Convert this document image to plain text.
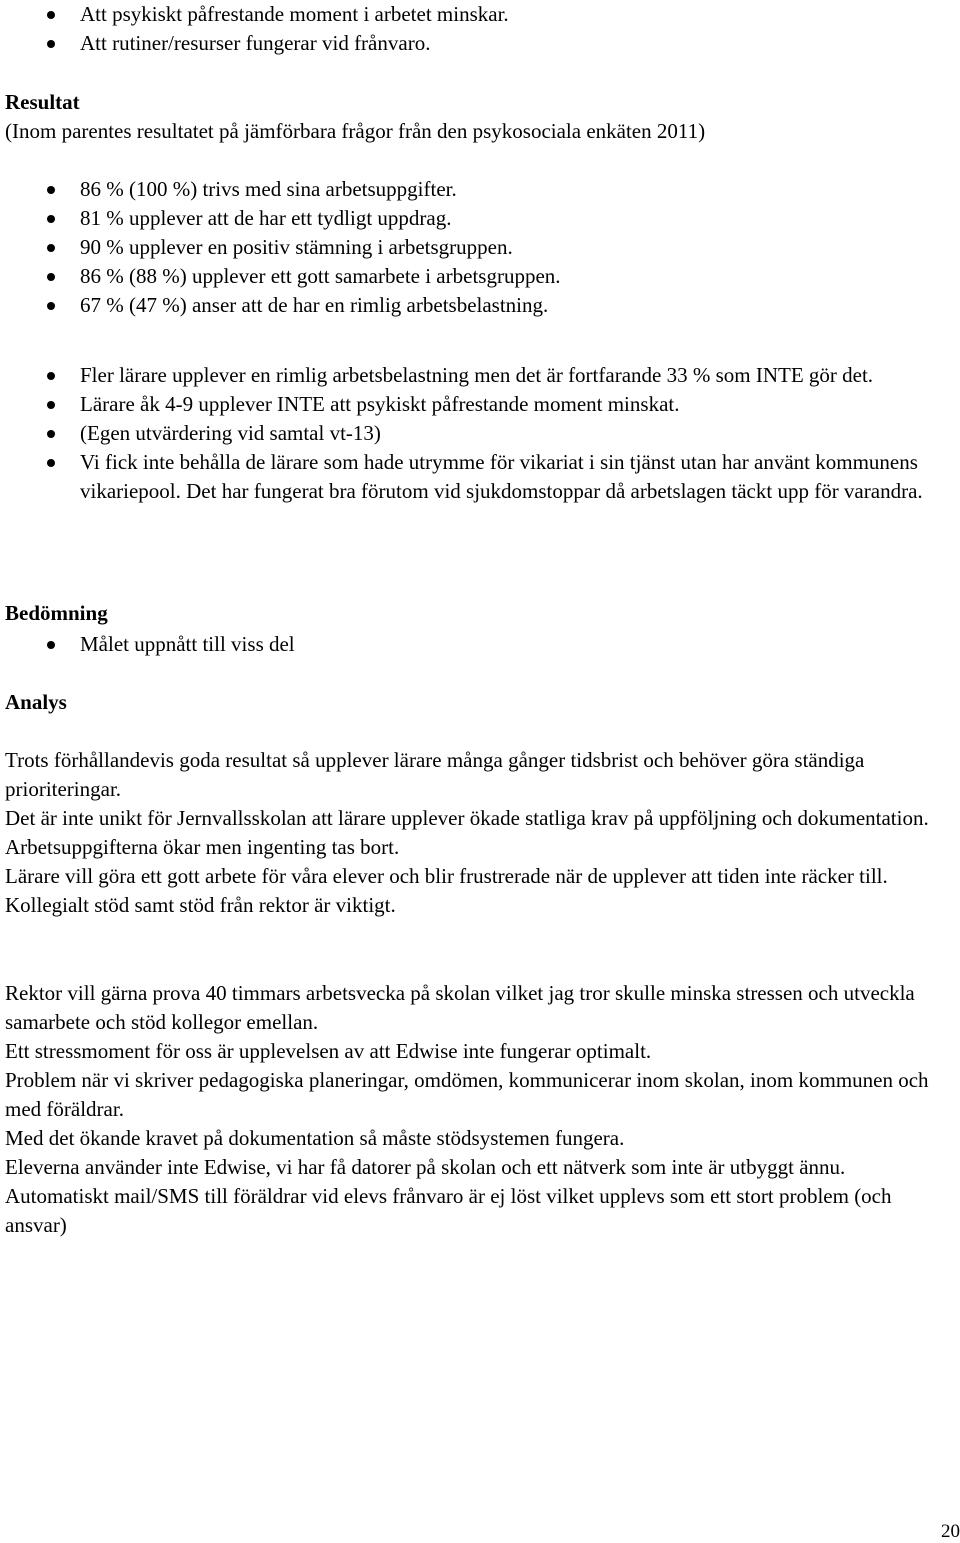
Att psykiskt påfrestande moment i arbetet minskar.
Att rutiner/resurser fungerar vid frånvaro.
Resultat
(Inom parentes resultatet på jämförbara frågor från den psykosociala enkäten 2011)
86 % (100 %) trivs med sina arbetsuppgifter.
81 % upplever att de har ett tydligt uppdrag.
90 % upplever en positiv stämning i arbetsgruppen.
86 % (88 %) upplever ett gott samarbete i arbetsgruppen.
67 % (47 %) anser att de har en rimlig arbetsbelastning.
Fler lärare upplever en rimlig arbetsbelastning men det är fortfarande 33 % som INTE gör det.
Lärare åk 4-9 upplever INTE att psykiskt påfrestande moment minskat.
(Egen utvärdering vid samtal vt-13)
Vi fick inte behålla de lärare som hade utrymme för vikariat i sin tjänst utan har använt kommunens vikariepool. Det har fungerat bra förutom vid sjukdomstoppar då arbetslagen täckt upp för varandra.
Bedömning
Målet uppnått till viss del
Analys

Trots förhållandevis goda resultat så upplever lärare många gånger tidsbrist och behöver göra ständiga prioriteringar.

Det är inte unikt för Jernvallsskolan att lärare upplever ökade statliga krav på uppföljning och dokumentation. Arbetsuppgifterna ökar men ingenting tas bort.

Lärare vill göra ett gott arbete för våra elever och blir frustrerade när de upplever att tiden inte räcker till.

Kollegialt stöd samt stöd från rektor är viktigt.

Rektor vill gärna prova 40 timmars arbetsvecka på skolan vilket jag tror skulle minska stressen och utveckla samarbete och stöd kollegor emellan.

Ett stressmoment för oss är upplevelsen av att Edwise inte fungerar optimalt.

Problem när vi skriver pedagogiska planeringar, omdömen, kommunicerar inom skolan, inom kommunen och med föräldrar.

Med det ökande kravet på dokumentation så måste stödsystemen fungera.

Eleverna använder inte Edwise, vi har få datorer på skolan och ett nätverk som inte är utbyggt ännu.

Automatiskt mail/SMS till föräldrar vid elevs frånvaro är ej löst vilket upplevs som ett stort problem (och ansvar)

20
